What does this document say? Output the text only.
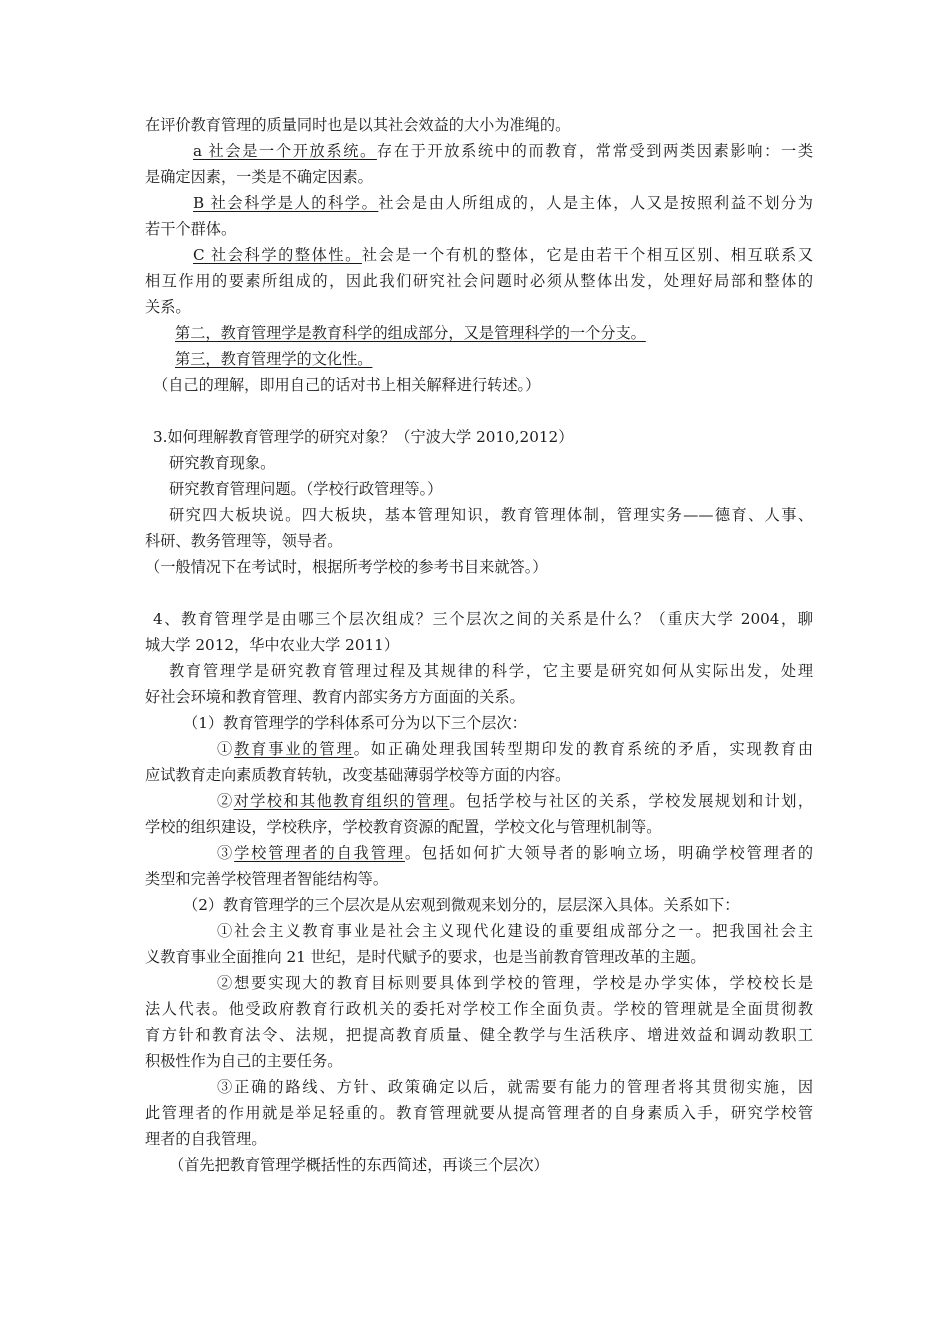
在评价教育管理的质量同时也是以其社会效益的大小为准绳的。
a 社会是一个开放系统。存在于开放系统中的而教育，常常受到两类因素影响：一类
是确定因素，一类是不确定因素。
B 社会科学是人的科学。社会是由人所组成的，人是主体，人又是按照利益不划分为
若干个群体。
C 社会科学的整体性。社会是一个有机的整体，它是由若干个相互区别、相互联系又
相互作用的要素所组成的，因此我们研究社会问题时必须从整体出发，处理好局部和整体的
关系。
第二，教育管理学是教育科学的组成部分，又是管理科学的一个分支。
第三，教育管理学的文化性。
（自己的理解，即用自己的话对书上相关解释进行转述。）
3.如何理解教育管理学的研究对象？（宁波大学 2010,2012）
研究教育现象。
研究教育管理问题。（学校行政管理等。）
研究四大板块说。四大板块，基本管理知识，教育管理体制，管理实务——德育、人事、
科研、教务管理等，领导者。
（一般情况下在考试时，根据所考学校的参考书目来就答。）
4、教育管理学是由哪三个层次组成？三个层次之间的关系是什么？（重庆大学 2004，聊
城大学 2012，华中农业大学 2011）
教育管理学是研究教育管理过程及其规律的科学，它主要是研究如何从实际出发，处理
好社会环境和教育管理、教育内部实务方方面面的关系。
（1）教育管理学的学科体系可分为以下三个层次：
①教育事业的管理。如正确处理我国转型期印发的教育系统的矛盾，实现教育由
应试教育走向素质教育转轨，改变基础薄弱学校等方面的内容。
②对学校和其他教育组织的管理。包括学校与社区的关系，学校发展规划和计划，
学校的组织建设，学校秩序，学校教育资源的配置，学校文化与管理机制等。
③学校管理者的自我管理。包括如何扩大领导者的影响立场，明确学校管理者的
类型和完善学校管理者智能结构等。
（2）教育管理学的三个层次是从宏观到微观来划分的，层层深入具体。关系如下：
①社会主义教育事业是社会主义现代化建设的重要组成部分之一。把我国社会主
义教育事业全面推向 21 世纪，是时代赋予的要求，也是当前教育管理改革的主题。
②想要实现大的教育目标则要具体到学校的管理，学校是办学实体，学校校长是
法人代表。他受政府教育行政机关的委托对学校工作全面负责。学校的管理就是全面贯彻教
育方针和教育法令、法规，把提高教育质量、健全教学与生活秩序、增进效益和调动教职工
积极性作为自己的主要任务。
③正确的路线、方针、政策确定以后，就需要有能力的管理者将其贯彻实施，因
此管理者的作用就是举足轻重的。教育管理就要从提高管理者的自身素质入手，研究学校管
理者的自我管理。
（首先把教育管理学概括性的东西简述，再谈三个层次）
